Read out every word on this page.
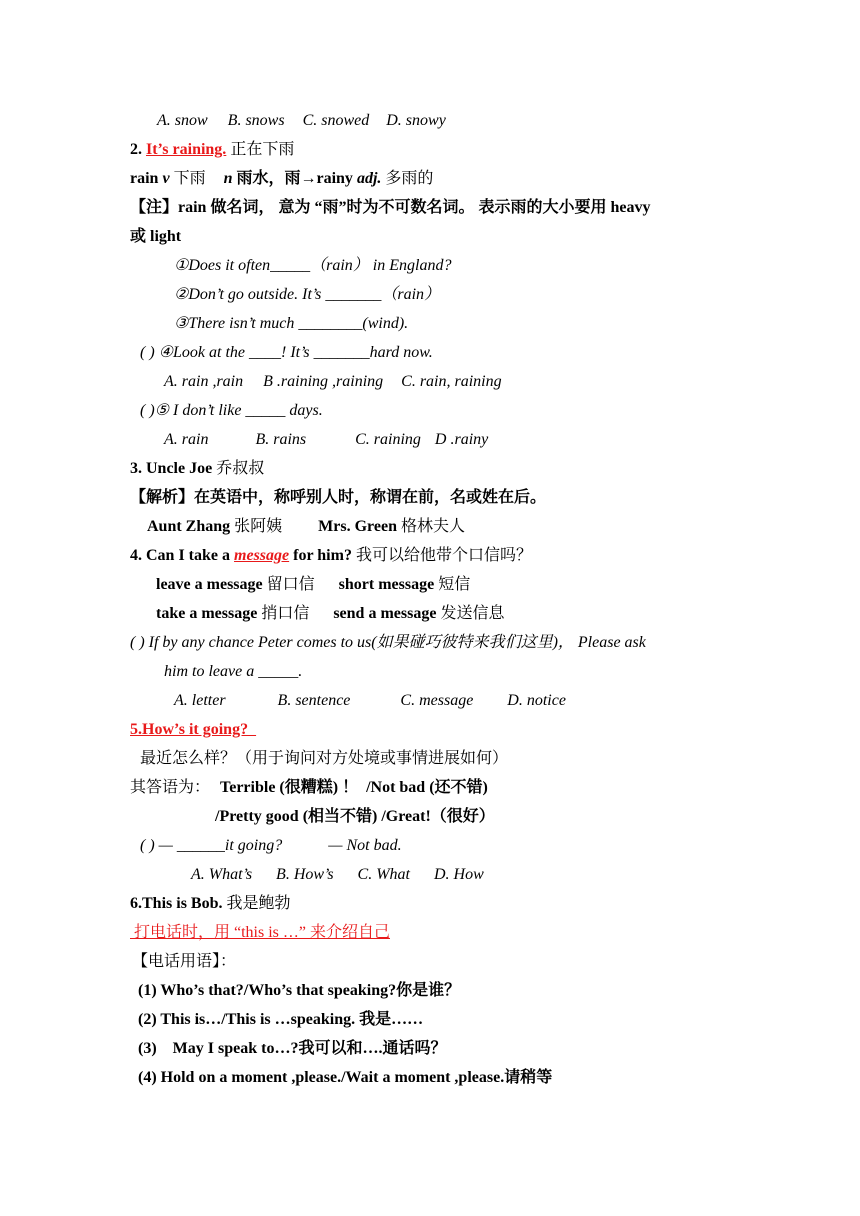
A. snow B. snows C. snowed D. snowy
2. It’s raining. 正在下雨
rain v 下雨 n 雨水，雨→rainy adj. 多雨的
【注】rain 做名词， 意为 “雨”时为不可数名词。 表示雨的大小要用 heavy
或 light
①Does it often_____（rain） in England?
②Don’t go outside. It’s _______（rain）
③There isn’t much ________(wind).
( ) ④Look at the ____! It’s _______hard now.
A. rain ,rain B .raining ,raining C. rain, raining
( )⑤ I don’t like _____ days.
A. rain	B. rains	C. raining D .rainy
3. Uncle Joe 乔叔叔
【解析】在英语中，称呼别人时，称谓在前，名或姓在后。
Aunt Zhang 张阿姨 Mrs. Green 格林夫人
4. Can I take a message for him? 我可以给他带个口信吗？
leave a message 留口信 short message 短信
take a message 捎口信 send a message 发送信息
( ) If by any chance Peter comes to us(如果碰巧彼特来我们这里)， Please ask
him to leave a _____.
A. letter	B. sentence	C. message D. notice
5.How’s it going?
最近怎么样？（用于询问对方处境或事情进展如何）
其答语为： Terrible (很糟糕) ！ /Not bad (还不错)
/Pretty good (相当不错) /Great!（很好）
( ) — ______it going?	— Not bad.
A. What’s B. How’s C. What D. How
6.This is Bob. 我是鲍勃
打电话时，用 “this is …” 来介绍自己
【电话用语】：
(1) Who’s that?/Who’s that speaking?你是谁？
(2) This is…/This is …speaking. 我是……
(3)    May I speak to…?我可以和….通话吗？
(4) Hold on a moment ,please./Wait a moment ,please.请稍等
